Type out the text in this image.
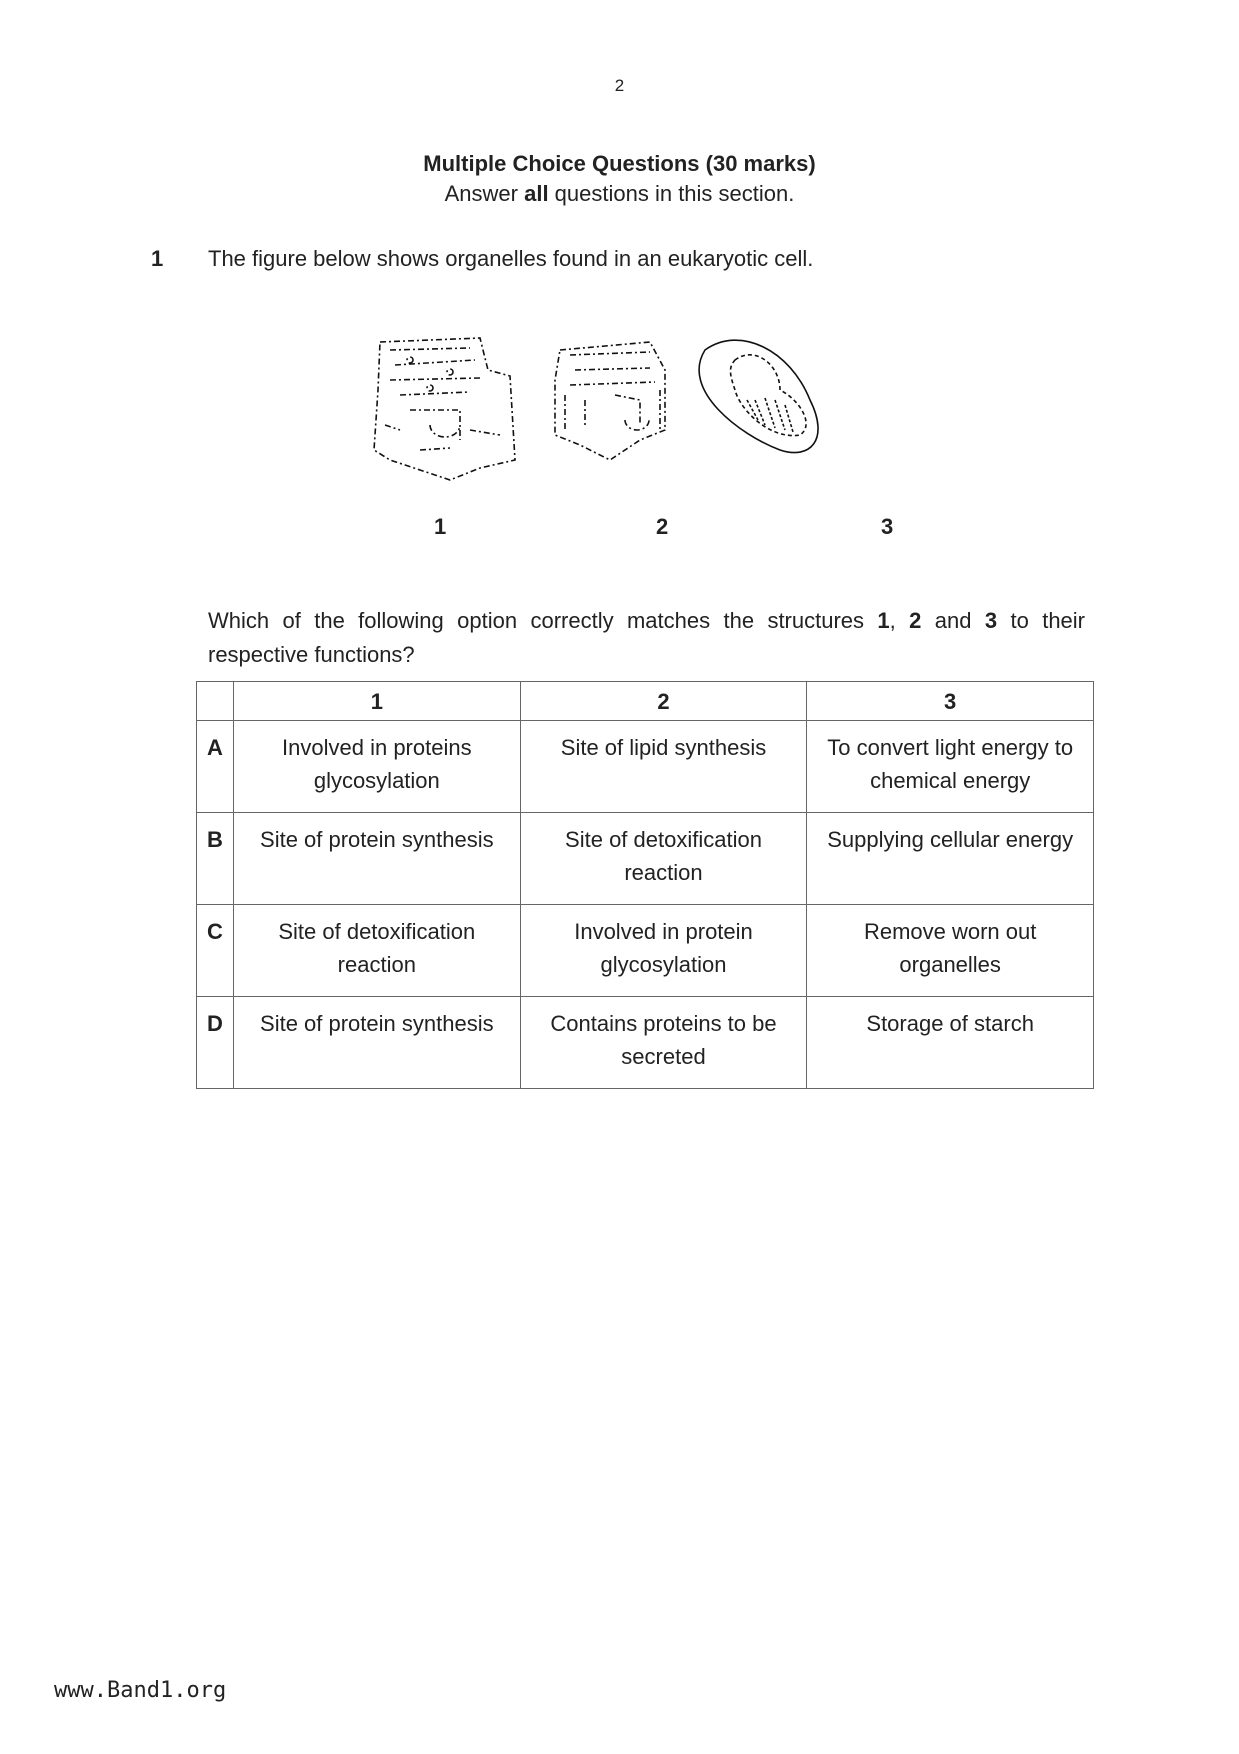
2
Multiple Choice Questions (30 marks)
Answer all questions in this section.
1 The figure below shows organelles found in an eukaryotic cell.
1	2	3
Which of the following option correctly matches the structures 1, 2 and 3 to their respective functions?
	1	2	3
A	Involved in proteins glycosylation	Site of lipid synthesis	To convert light energy to chemical energy
B	Site of protein synthesis	Site of detoxification reaction	Supplying cellular energy
C	Site of detoxification reaction	Involved in protein glycosylation	Remove worn out organelles
D	Site of protein synthesis	Contains proteins to be secreted	Storage of starch
www.Band1.org
